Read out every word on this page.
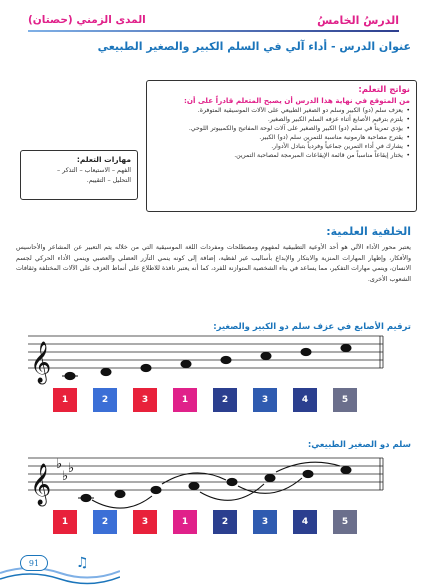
الدرسُ الخامسُ
المدى الزمني (حصتان)
عنوان الدرس - أداء آلي في السلم الكبير والصغير الطبيعي
نواتج التعلم:
من المتوقع في نهاية هذا الدرس أن يصبح المتعلم قادراً على أن:
•
يعزف سلم (دو) الكبير وسلم دو الصغير الطبيعي على الآلات الموسيقية المتوفرة.
•
يلتزم بترقيم الأصابع أثناء عزفه السلم الكبير والصغير.
•
يؤدي تمريناً في سلم (دو) الكبير والصغير على آلات لوحة المفاتيح والكمبيوتر اللوحي.
•
يقترح مصاحبة هارمونية مناسبة للتمرين سلم (دو) الكبير.
•
يشارك في أداء التمرين جماعياً وفردياً بتبادل الأدوار.
•
يختار إيقاعاً مناسباً من قائمة الإيقاعات المبرمجة لمصاحبة التمرين.
مهارات التعلم:
الفهم – الاستيعاب – التذكر –
التحليل – التقييم.
الخلفية العلمية:
يعتبر محور الأداء الآلي هو أحد الأوعية التطبيقية لمفهوم ومصطلحات ومفردات اللغة الموسيقية التي من خلاله يتم التعبير عن المشاعر والأحاسيس والأفكار، وإظهار المهارات المنزية والابتكار والإبداع بأساليب غير لفظية، إضافة إلى كونه ينمي التآزر العضلي والعصبي وينمي الأداء الحركي لجسم الانسان، وينمي مهارات التفكير، مما يساعد في بناء الشخصية المتوازنة للفرد، كما أنه يعتبر نافذة للاطلاع على أنماط العزف على الآلات المختلفة وثقافات الشعوب الأخرى.
ترقيم الأصابع في عزف سلم دو الكبير والصغير:
سلم دو الصغير الطبيعي:
𝄞
1	2	3	1	2	3	4	5
𝄞 ♭
♭
♭
1	2	3	1	2	3	4	5
♫
91
